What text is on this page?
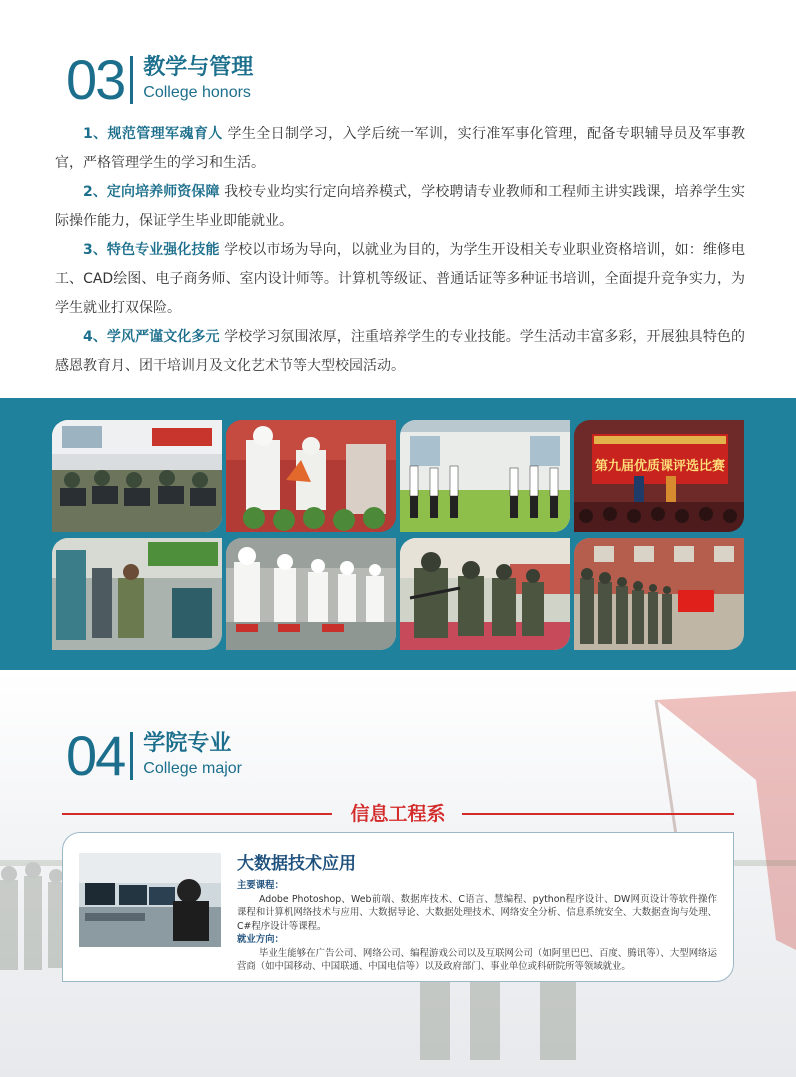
03 教学与管理
College honors

1、规范管理军魂育人 学生全日制学习，入学后统一军训，实行准军事化管理，配备专职辅导员及军事教官，严格管理学生的学习和生活。

2、定向培养师资保障 我校专业均实行定向培养模式，学校聘请专业教师和工程师主讲实践课，培养学生实际操作能力，保证学生毕业即能就业。

3、特色专业强化技能 学校以市场为导向，以就业为目的，为学生开设相关专业职业资格培训，如：维修电工、CAD绘图、电子商务师、室内设计师等。计算机等级证、普通话证等多种证书培训，全面提升竞争实力，为学生就业打双保险。

4、学风严谨文化多元 学校学习氛围浓厚，注重培养学生的专业技能。学生活动丰富多彩，开展独具特色的感恩教育月、团干培训月及文化艺术节等大型校园活动。

第九届优质课评选比赛
04 学院专业
College major
信息工程系
大数据技术应用
主要课程：
Adobe Photoshop、Web前端、数据库技术、C语言、慧编程、python程序设计、DW网页设计等软件操作课程和计算机网络技术与应用、大数据导论、大数据处理技术、网络安全分析、信息系统安全、大数据查询与处理、C#程序设计等课程。
就业方向：
毕业生能够在广告公司、网络公司、编程游戏公司以及互联网公司（如阿里巴巴、百度、腾讯等）、大型网络运营商（如中国移动、中国联通、中国电信等）以及政府部门、事业单位或科研院所等领域就业。
